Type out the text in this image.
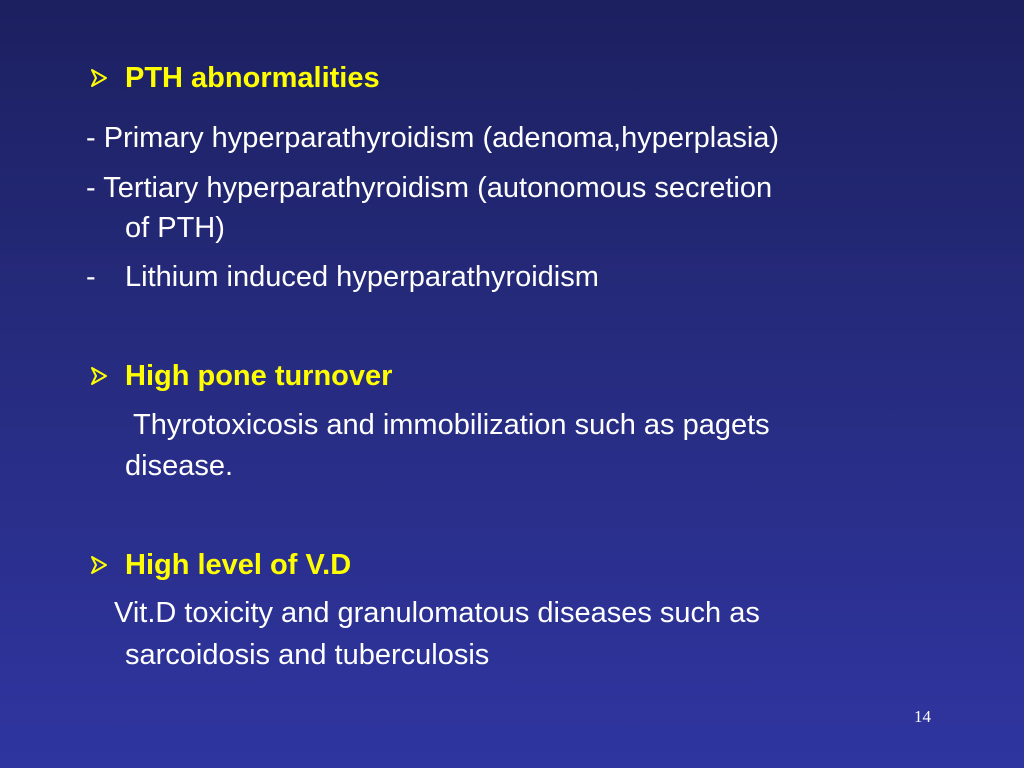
PTH abnormalities
- Primary hyperparathyroidism (adenoma,hyperplasia)
- Tertiary hyperparathyroidism (autonomous secretion
of PTH)
- Lithium induced hyperparathyroidism
High pone turnover
Thyrotoxicosis and immobilization such as pagets
disease.
High level of V.D
Vit.D toxicity and granulomatous diseases such as
sarcoidosis and tuberculosis
14
